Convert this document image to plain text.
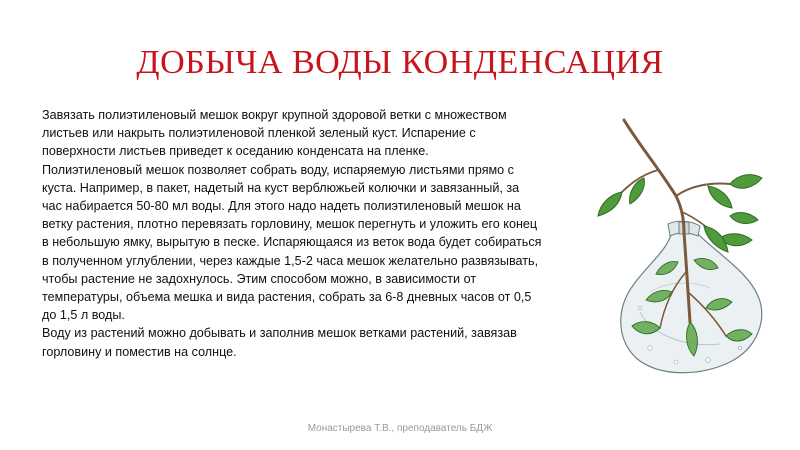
ДОБЫЧА ВОДЫ КОНДЕНСАЦИЯ

Завязать полиэтиленовый мешок вокруг крупной здоровой ветки с множеством листьев или накрыть полиэтиленовой пленкой зеленый куст. Испарение с поверхности листьев приведет к оседанию конденсата на пленке.

Полиэтиленовый мешок позволяет собрать воду, испаряемую листьями прямо с куста. Например, в пакет, надетый на куст верблюжьей колючки и завязанный, за час набирается 50-80 мл воды. Для этого надо надеть полиэтиленовый мешок на ветку растения, плотно перевязать горловину, мешок перегнуть и уложить его конец в небольшую ямку, вырытую в песке. Испаряющаяся из веток вода будет собираться в полученном углублении, через каждые 1,5-2 часа мешок желательно развязывать, чтобы растение не задохнулось. Этим способом можно, в зависимости от температуры, объема мешка и вида растения, собрать за 6-8 дневных часов от 0,5 до 1,5 л воды.

Воду из растений можно добывать и заполнив мешок ветками растений, завязав горловину и поместив на солнце.

Монастырева Т.В., преподаватель БДЖ
